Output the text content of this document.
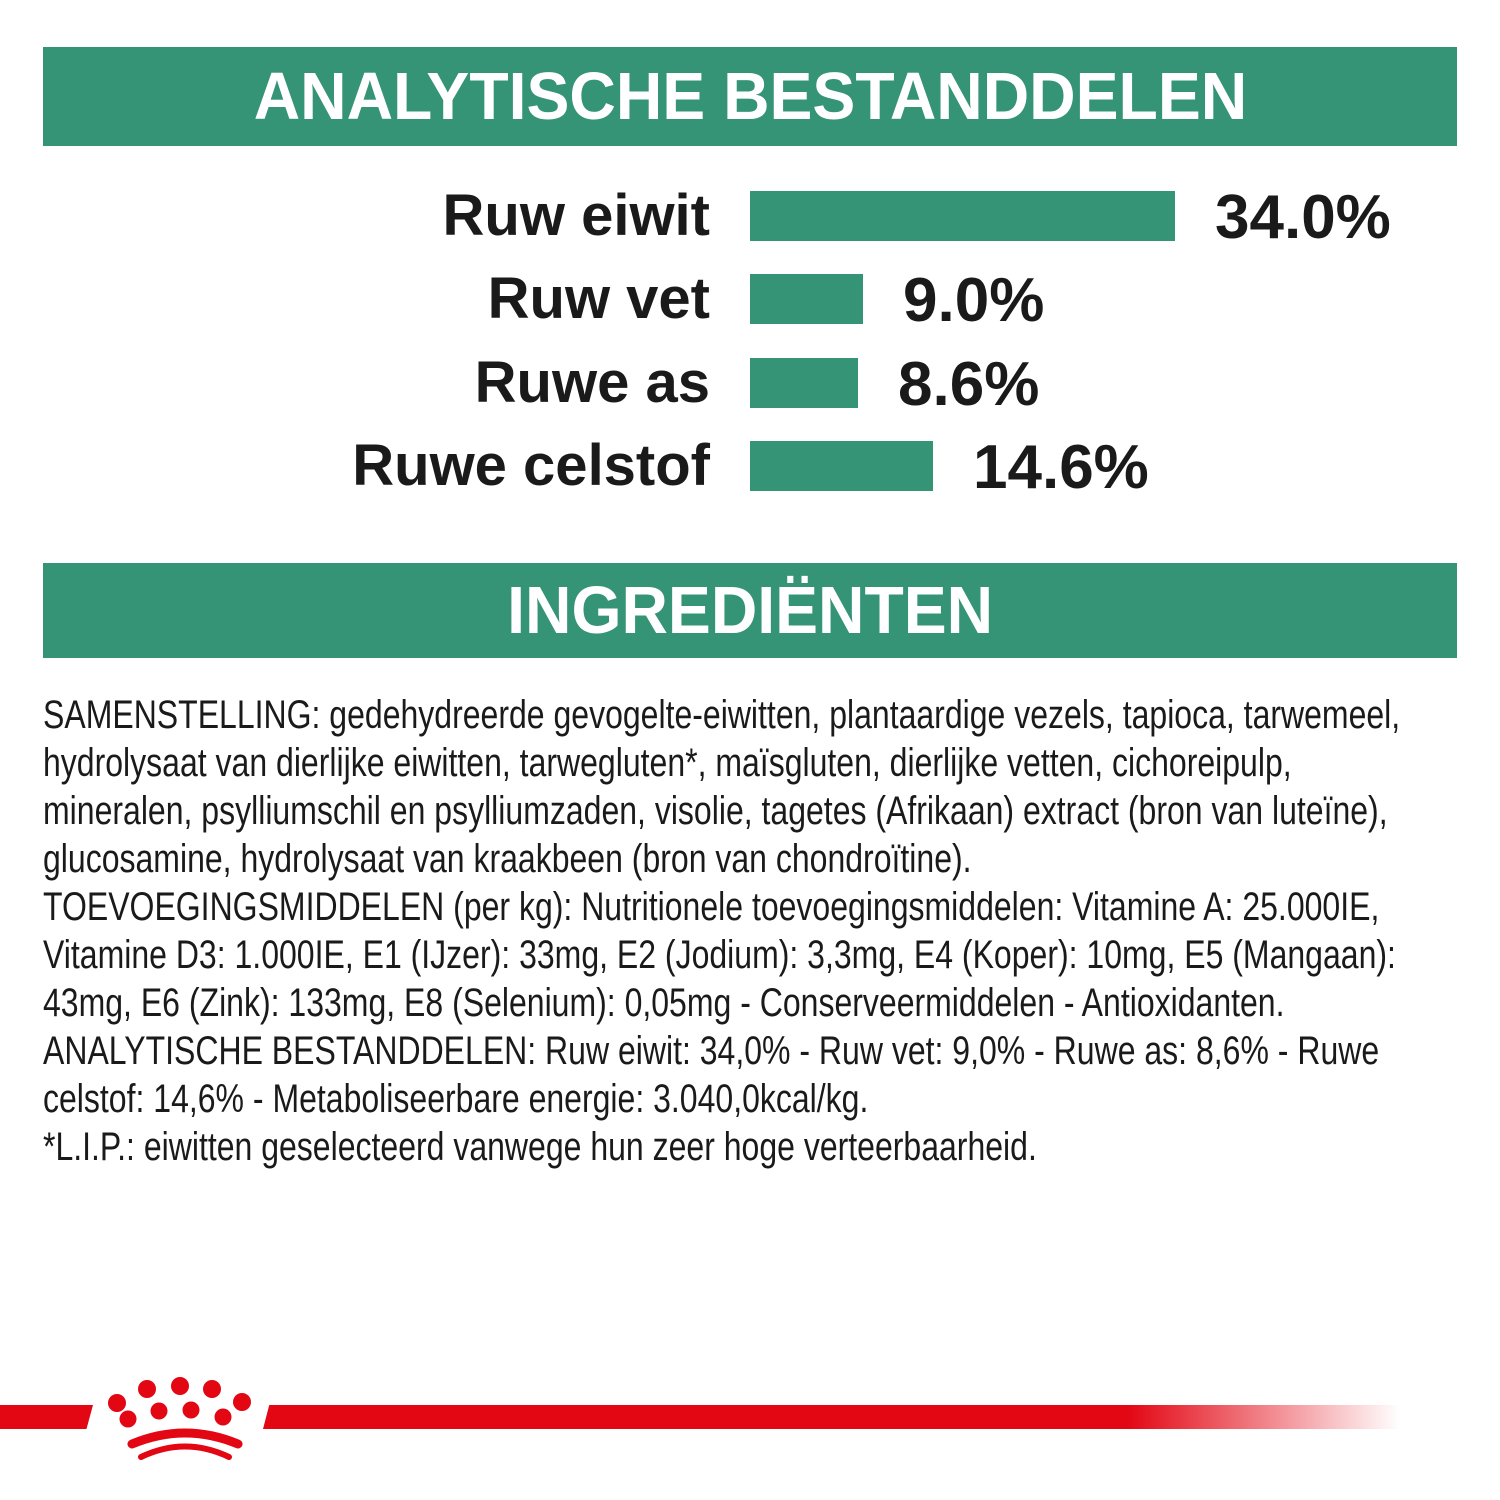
ANALYTISCHE BESTANDDELEN
Ruw eiwit	34.0%
Ruw vet	9.0%
Ruwe as	8.6%
Ruwe celstof	14.6%
INGREDIËNTEN
SAMENSTELLING: gedehydreerde gevogelte-eiwitten, plantaardige vezels, tapioca, tarwemeel,
hydrolysaat van dierlijke eiwitten, tarwegluten*, maïsgluten, dierlijke vetten, cichoreipulp,
mineralen, psylliumschil en psylliumzaden, visolie, tagetes (Afrikaan) extract (bron van luteïne),
glucosamine, hydrolysaat van kraakbeen (bron van chondroïtine).
TOEVOEGINGSMIDDELEN (per kg): Nutritionele toevoegingsmiddelen: Vitamine A: 25.000IE,
Vitamine D3: 1.000IE, E1 (IJzer): 33mg, E2 (Jodium): 3,3mg, E4 (Koper): 10mg, E5 (Mangaan):
43mg, E6 (Zink): 133mg, E8 (Selenium): 0,05mg - Conserveermiddelen - Antioxidanten.
ANALYTISCHE BESTANDDELEN: Ruw eiwit: 34,0% - Ruw vet: 9,0% - Ruwe as: 8,6% - Ruwe
celstof: 14,6% - Metaboliseerbare energie: 3.040,0kcal/kg.
*L.I.P.: eiwitten geselecteerd vanwege hun zeer hoge verteerbaarheid.
